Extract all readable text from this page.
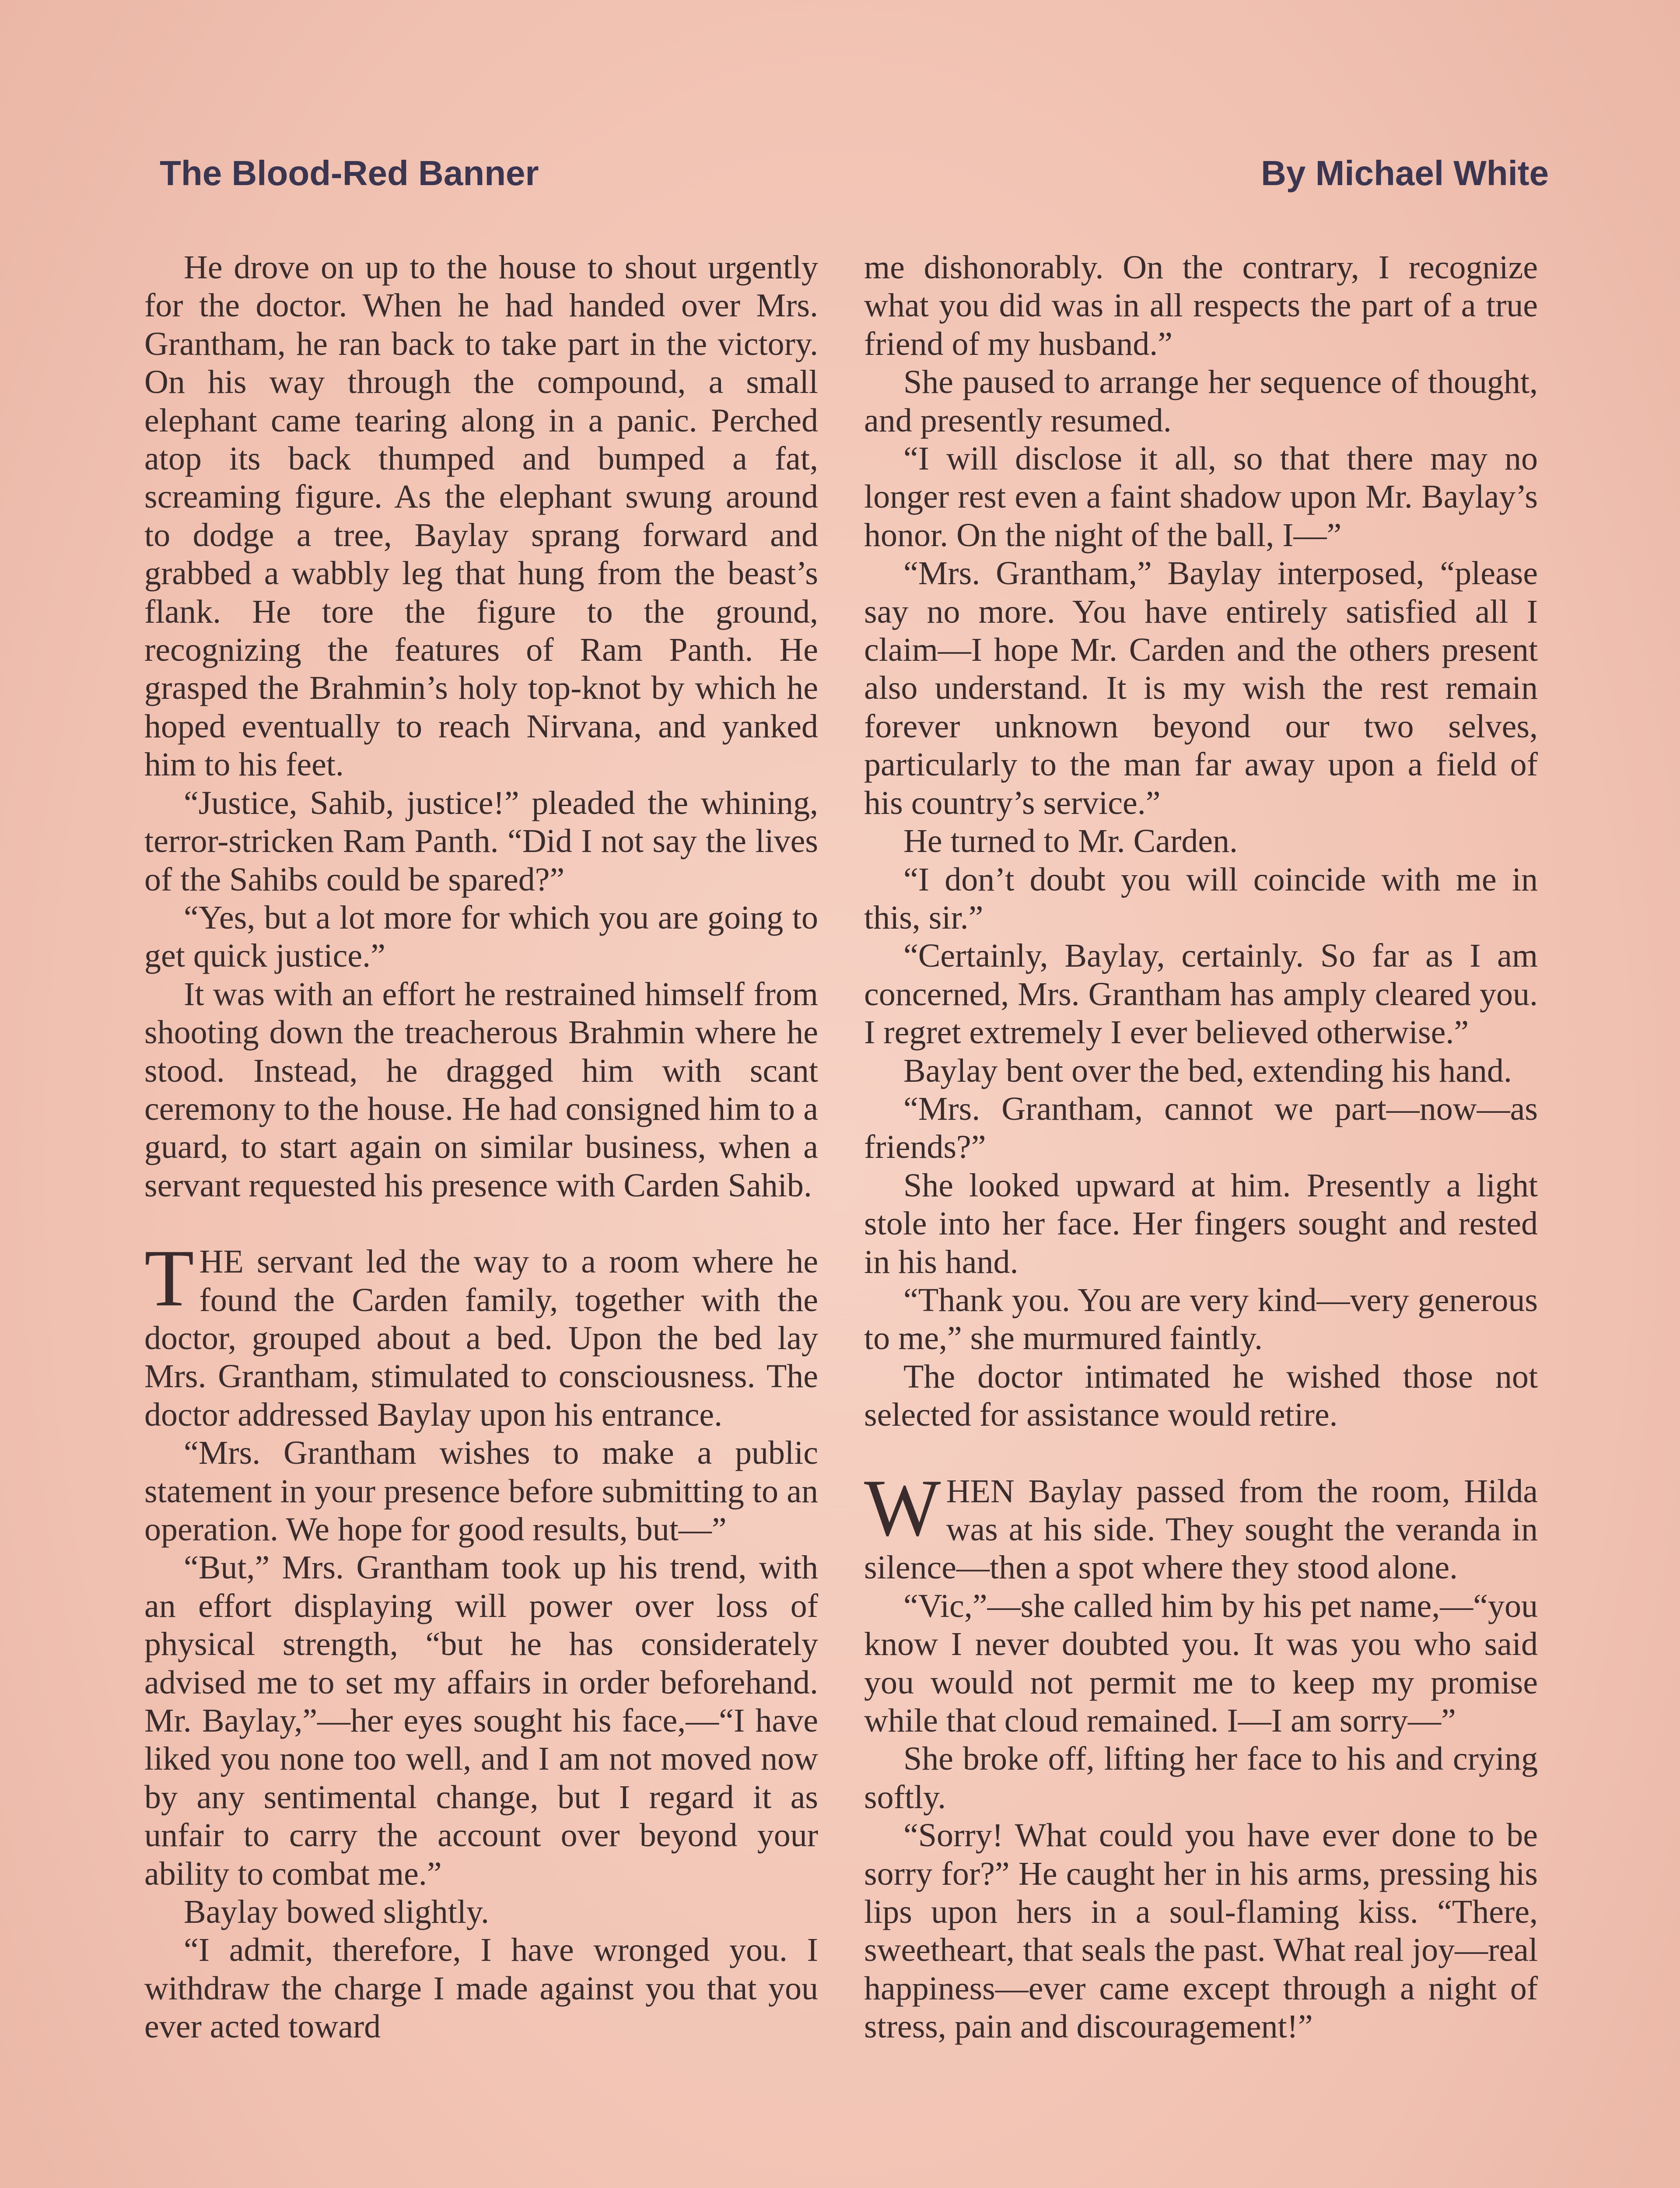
The Blood-Red Banner	By Michael White

He drove on up to the house to shout urgently for the doctor. When he had handed over Mrs. Grantham, he ran back to take part in the victory. On his way through the compound, a small elephant came tearing along in a panic. Perched atop its back thumped and bumped a fat, screaming figure. As the elephant swung around to dodge a tree, Baylay sprang forward and grabbed a wabbly leg that hung from the beast’s flank. He tore the figure to the ground, recognizing the features of Ram Panth. He grasped the Brahmin’s holy top-knot by which he hoped eventually to reach Nirvana, and yanked him to his feet.

“Justice, Sahib, justice!” pleaded the whining, terror-stricken Ram Panth. “Did I not say the lives of the Sahibs could be spared?”

“Yes, but a lot more for which you are going to get quick justice.”

It was with an effort he restrained himself from shooting down the treacherous Brahmin where he stood. Instead, he dragged him with scant ceremony to the house. He had consigned him to a guard, to start again on similar business, when a servant requested his presence with Carden Sahib.

THE servant led the way to a room where he found the Carden family, together with the doctor, grouped about a bed. Upon the bed lay Mrs. Grantham, stimulated to consciousness. The doctor addressed Baylay upon his entrance.

“Mrs. Grantham wishes to make a public statement in your presence before submitting to an operation. We hope for good results, but—”

“But,” Mrs. Grantham took up his trend, with an effort displaying will power over loss of physical strength, “but he has considerately advised me to set my affairs in order beforehand. Mr. Baylay,”—her eyes sought his face,—“I have liked you none too well, and I am not moved now by any sentimental change, but I regard it as unfair to carry the account over beyond your ability to combat me.”

Baylay bowed slightly.

“I admit, therefore, I have wronged you. I withdraw the charge I made against you that you ever acted toward

me dishonorably. On the contrary, I recognize what you did was in all respects the part of a true friend of my husband.”

She paused to arrange her sequence of thought, and presently resumed.

“I will disclose it all, so that there may no longer rest even a faint shadow upon Mr. Baylay’s honor. On the night of the ball, I—”

“Mrs. Grantham,” Baylay interposed, “please say no more. You have entirely satisfied all I claim—I hope Mr. Carden and the others present also understand. It is my wish the rest remain forever unknown beyond our two selves, particularly to the man far away upon a field of his country’s service.”

He turned to Mr. Carden.

“I don’t doubt you will coincide with me in this, sir.”

“Certainly, Baylay, certainly. So far as I am concerned, Mrs. Grantham has amply cleared you. I regret extremely I ever believed otherwise.”

Baylay bent over the bed, extending his hand.

“Mrs. Grantham, cannot we part—now—as friends?”

She looked upward at him. Presently a light stole into her face. Her fingers sought and rested in his hand.

“Thank you. You are very kind—very generous to me,” she murmured faintly.

The doctor intimated he wished those not selected for assistance would retire.

WHEN Baylay passed from the room, Hilda was at his side. They sought the veranda in silence—then a spot where they stood alone.

“Vic,”—she called him by his pet name,—“you know I never doubted you. It was you who said you would not permit me to keep my promise while that cloud remained. I—I am sorry—”

She broke off, lifting her face to his and crying softly.

“Sorry! What could you have ever done to be sorry for?” He caught her in his arms, pressing his lips upon hers in a soul-flaming kiss. “There, sweetheart, that seals the past. What real joy—real happiness—ever came except through a night of stress, pain and discouragement!”
